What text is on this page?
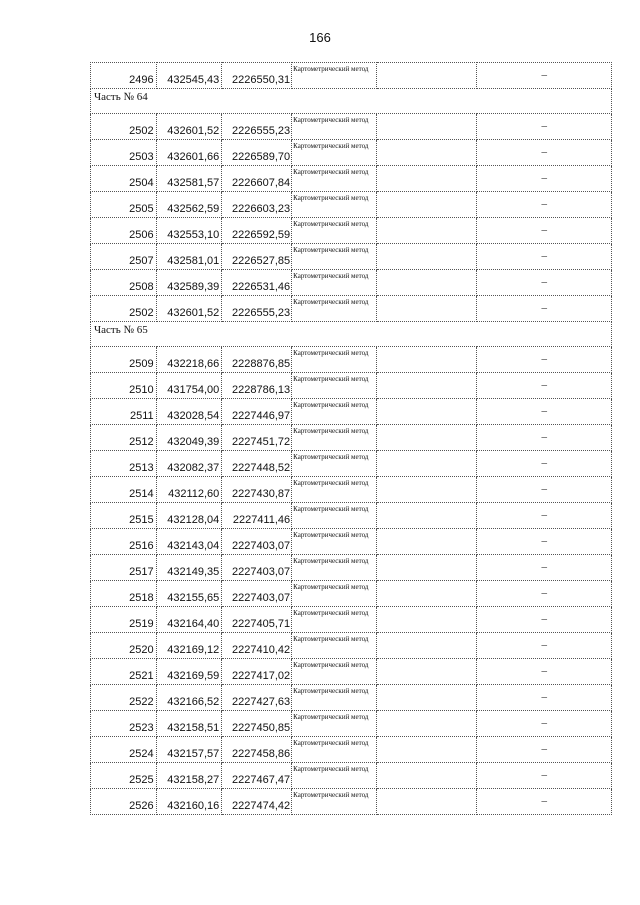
166
2496	432545,43	2226550,31	Картометрический метод		–
Часть № 64					
2502	432601,52	2226555,23	Картометрический метод		–
2503	432601,66	2226589,70	Картометрический метод		–
2504	432581,57	2226607,84	Картометрический метод		–
2505	432562,59	2226603,23	Картометрический метод		–
2506	432553,10	2226592,59	Картометрический метод		–
2507	432581,01	2226527,85	Картометрический метод		–
2508	432589,39	2226531,46	Картометрический метод		–
2502	432601,52	2226555,23	Картометрический метод		–
Часть № 65					
2509	432218,66	2228876,85	Картометрический метод		–
2510	431754,00	2228786,13	Картометрический метод		–
2511	432028,54	2227446,97	Картометрический метод		–
2512	432049,39	2227451,72	Картометрический метод		–
2513	432082,37	2227448,52	Картометрический метод		–
2514	432112,60	2227430,87	Картометрический метод		–
2515	432128,04	2227411,46	Картометрический метод		–
2516	432143,04	2227403,07	Картометрический метод		–
2517	432149,35	2227403,07	Картометрический метод		–
2518	432155,65	2227403,07	Картометрический метод		–
2519	432164,40	2227405,71	Картометрический метод		–
2520	432169,12	2227410,42	Картометрический метод		–
2521	432169,59	2227417,02	Картометрический метод		–
2522	432166,52	2227427,63	Картометрический метод		–
2523	432158,51	2227450,85	Картометрический метод		–
2524	432157,57	2227458,86	Картометрический метод		–
2525	432158,27	2227467,47	Картометрический метод		–
2526	432160,16	2227474,42	Картометрический метод		–
